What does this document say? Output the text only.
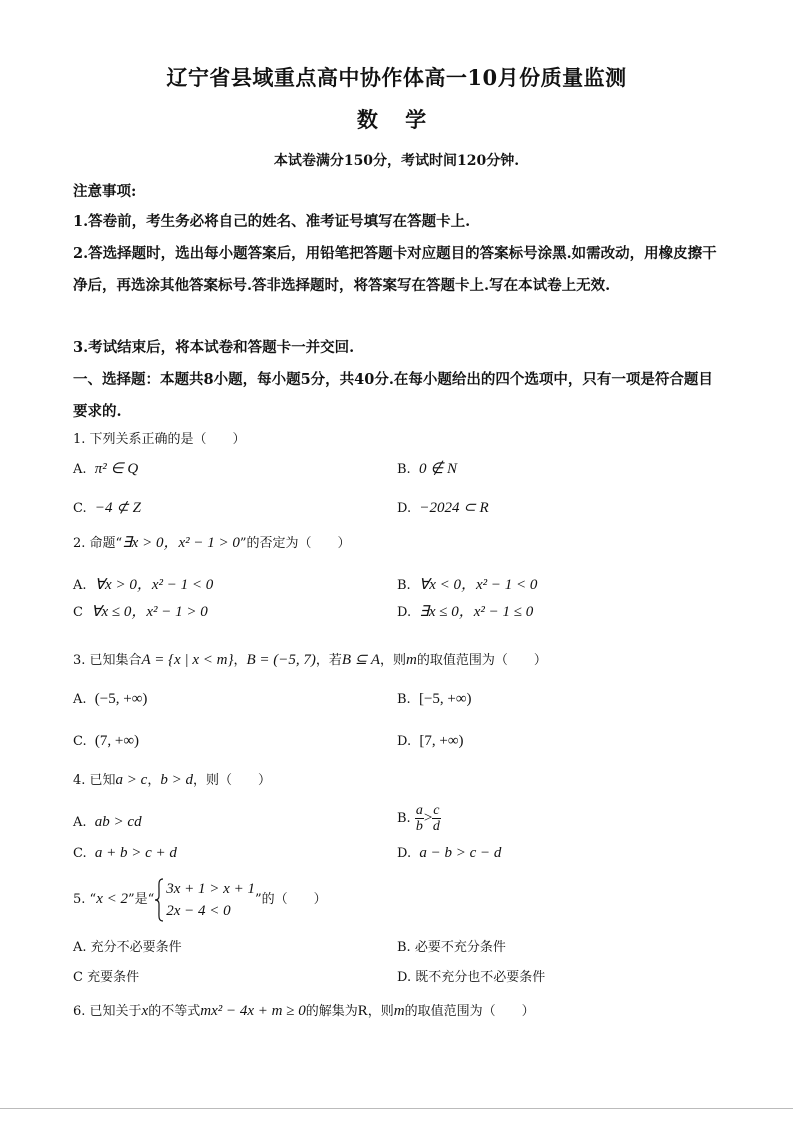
辽宁省县域重点高中协作体高一10月份质量监测
数 学
本试卷满分150分，考试时间120分钟.
注意事项:
1.答卷前，考生务必将自己的姓名、准考证号填写在答题卡上.
2.答选择题时，选出每小题答案后，用铅笔把答题卡对应题目的答案标号涂黑.如需改动，用橡皮擦干净后，再选涂其他答案标号.答非选择题时，将答案写在答题卡上.写在本试卷上无效.
3.考试结束后，将本试卷和答题卡一并交回.
一、选择题：本题共8小题，每小题5分，共40分.在每小题给出的四个选项中，只有一项是符合题目要求的.
1. 下列关系正确的是（　　）
A. π² ∈ Q	B. 0 ∉ N
C. −4 ⊄ Z	D. −2024 ⊂ R
2. 命题“∃x > 0，x² − 1 > 0”的否定为（　　）
A. ∀x > 0，x² − 1 < 0	B. ∀x < 0，x² − 1 < 0
C ∀x ≤ 0，x² − 1 > 0	D. ∃x ≤ 0，x² − 1 ≤ 0
3. 已知集合A = {x | x < m}，B = (−5, 7)，若B ⊆ A，则m的取值范围为（　　）
A. (−5, +∞)	B. [−5, +∞)
C. (7, +∞)	D. [7, +∞)
4. 已知a > c，b > d，则（　　）
A. ab > cd	B. $\frac{a}{b} > \frac{c}{d}$
C. a + b > c + d	D. a − b > c − d
5. “x < 2”是“
3x + 1 > x + 1
2x − 4 < 0
”的（　　）
A. 充分不必要条件	B. 必要不充分条件
C 充要条件	D. 既不充分也不必要条件
6. 已知关于x的不等式mx² − 4x + m ≥ 0的解集为R，则m的取值范围为（　　）
